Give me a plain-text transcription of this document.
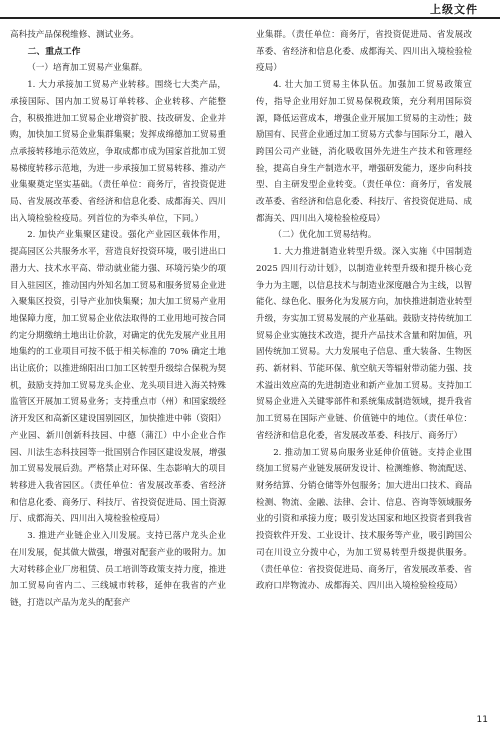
上级文件

高科技产品保税维修、测试业务。

二、重点工作
（一）培育加工贸易产业集群。

1. 大力承接加工贸易产业转移。围绕七大类产品，承接国际、国内加工贸易订单转移、企业转移、产能整合，积极推进加工贸易企业增资扩股、技改研发、企业并购，加快加工贸易企业集群集聚；发挥成绵德加工贸易重点承接转移地示范效应，争取成都市成为国家首批加工贸易梯度转移示范地，为进一步承接加工贸易转移、推动产业集聚奠定坚实基础。（责任单位：商务厅，省投资促进局、省发展改革委、省经济和信息化委、成都海关、四川出入境检验检疫局。列首位的为牵头单位，下同。）

2. 加快产业集聚区建设。强化产业园区载体作用，提高园区公共服务水平，营造良好投资环境，吸引进出口潜力大、技术水平高、带动就业能力强、环境污染少的项目入驻园区，推动国内外知名加工贸易和服务贸易企业进入聚集区投资，引导产业加快集聚；加大加工贸易产业用地保障力度，加工贸易企业依法取得的工业用地可按合同约定分期缴纳土地出让价款，对确定的优先发展产业且用地集约的工业项目可按不低于相关标准的 70% 确定土地出让底价；以推进绵阳出口加工区转型升级综合保税为契机，鼓励支持加工贸易龙头企业、龙头项目进入海关特殊监管区开展加工贸易业务；支持重点市（州）和国家级经济开发区和高新区建设国别园区，加快推进中韩（资阳）产业园、新川创新科技园、中德（蒲江）中小企业合作园、川法生态科技园等一批国别合作园区建设发展，增强加工贸易发展后劲。严格禁止对环保、生态影响大的项目转移进入我省园区。（责任单位：省发展改革委、省经济和信息化委、商务厅、科技厅、省投资促进局、国土资源厅、成都海关、四川出入境检验检疫局）

3. 推进产业链企业入川发展。支持已落户龙头企业在川发展，促其做大做强，增强对配套产业的吸附力。加大对转移企业厂房租赁、员工培训等政策支持力度，推进加工贸易向省内二、三线城市转移，延伸在我省的产业链，打造以产品为龙头的配套产

业集群。（责任单位：商务厅，省投资促进局、省发展改革委、省经济和信息化委、成都海关、四川出入境检验检疫局）

4. 壮大加工贸易主体队伍。加强加工贸易政策宣传，指导企业用好加工贸易保税政策，充分利用国际资源，降低运营成本，增强企业开展加工贸易的主动性；鼓励国有、民营企业通过加工贸易方式参与国际分工，融入跨国公司产业链，消化吸收国外先进生产技术和管理经验，提高自身生产制造水平，增强研发能力，逐步向科技型、自主研发型企业转变。（责任单位：商务厅，省发展改革委、省经济和信息化委、科技厅、省投资促进局、成都海关、四川出入境检验检疫局）

（二）优化加工贸易结构。

1. 大力推进制造业转型升级。深入实施《中国制造 2025 四川行动计划》，以制造业转型升级和提升核心竞争力为主题，以信息技术与制造业深度融合为主线，以智能化、绿色化、服务化为发展方向，加快推进制造业转型升级，夯实加工贸易发展的产业基础。鼓励支持传统加工贸易企业实施技术改造，提升产品技术含量和附加值，巩固传统加工贸易。大力发展电子信息、重大装备、生物医药、新材料、节能环保、航空航天等辐射带动能力强、技术溢出效应高的先进制造业和新产业加工贸易。支持加工贸易企业进入关键零部件和系统集成制造领域，提升我省加工贸易在国际产业链、价值链中的地位。（责任单位：省经济和信息化委，省发展改革委、科技厅、商务厅）

2. 推动加工贸易向服务业延伸价值链。支持企业围绕加工贸易产业链发展研发设计、检测维修、物流配送、财务结算、分销仓储等外包服务；加大进出口技术、商品检测、物流、金融、法律、会计、信息、咨询等领域服务业的引资和承接力度；吸引发达国家和地区投资者到我省投资软件开发、工业设计、技术服务等产业，吸引跨国公司在川设立分拨中心，为加工贸易转型升级提供服务。（责任单位：省投资促进局、商务厅，省发展改革委、省政府口岸物流办、成都海关、四川出入境检验检疫局）

11
